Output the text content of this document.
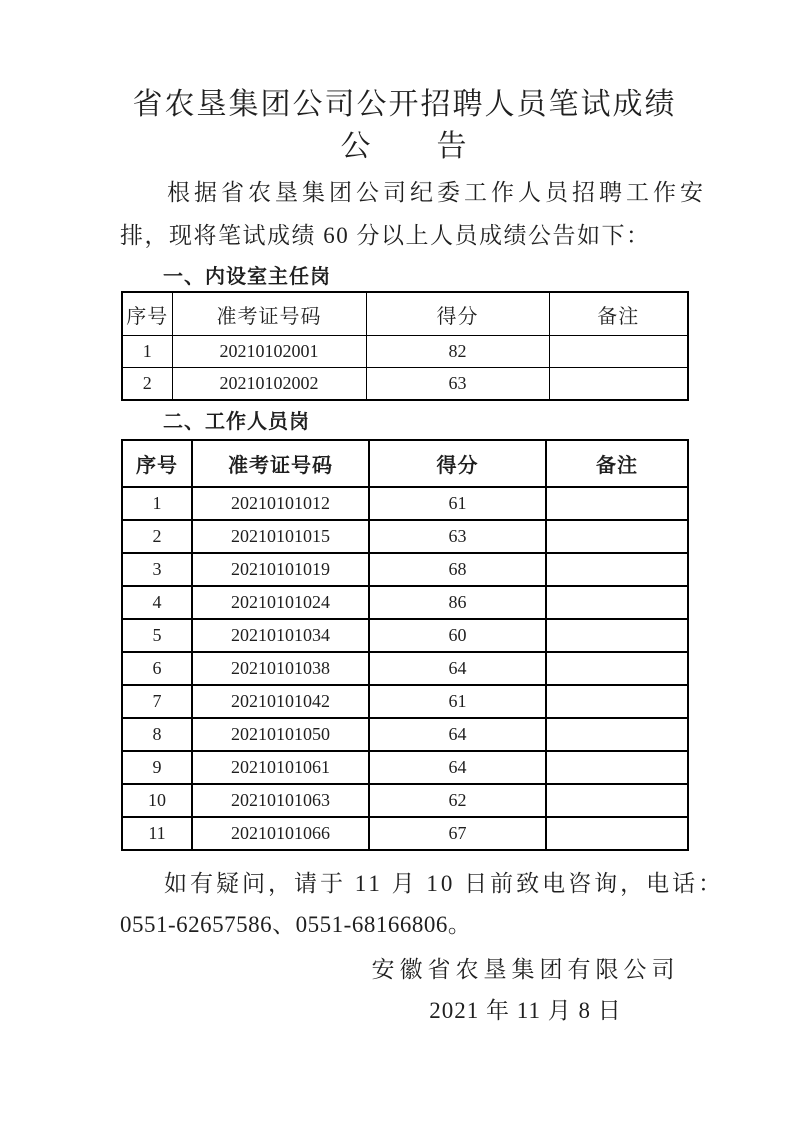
省农垦集团公司公开招聘人员笔试成绩
公　　告
根据省农垦集团公司纪委工作人员招聘工作安
排，现将笔试成绩 60 分以上人员成绩公告如下：
一、内设室主任岗
序号	准考证号码	得分	备注
1	20210102001	82	
2	20210102002	63	
二、工作人员岗
序号	准考证号码	得分	备注
1	20210101012	61	
2	20210101015	63	
3	20210101019	68	
4	20210101024	86	
5	20210101034	60	
6	20210101038	64	
7	20210101042	61	
8	20210101050	64	
9	20210101061	64	
10	20210101063	62	
11	20210101066	67	
如有疑问，请于 11 月 10 日前致电咨询，电话：
0551-62657586、0551-68166806。
安徽省农垦集团有限公司
2021 年 11 月 8 日
